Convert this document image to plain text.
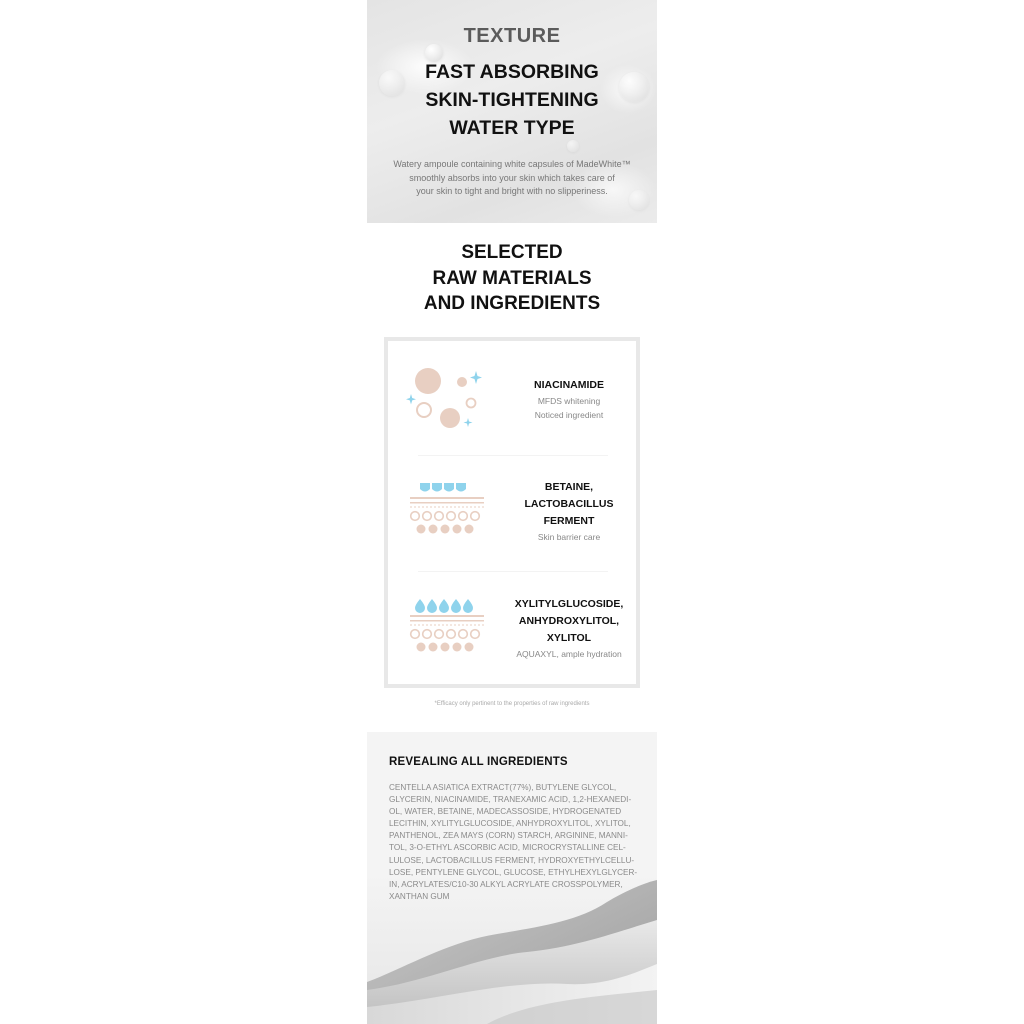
TEXTURE
FAST ABSORBING
SKIN-TIGHTENING
WATER TYPE
Watery ampoule containing white capsules of MadeWhite™
smoothly absorbs into your skin which takes care of
your skin to tight and bright with no slipperiness.
SELECTED
RAW MATERIALS
AND INGREDIENTS
NIACINAMIDE
MFDS whitening
Noticed ingredient
BETAINE,
LACTOBACILLUS
FERMENT
Skin barrier care
XYLITYLGLUCOSIDE,
ANHYDROXYLITOL,
XYLITOL
AQUAXYL, ample hydration
*Efficacy only pertinent to the properties of raw ingredients
REVEALING ALL INGREDIENTS
CENTELLA ASIATICA EXTRACT(77%), BUTYLENE GLYCOL,
GLYCERIN, NIACINAMIDE, TRANEXAMIC ACID, 1,2-HEXANEDI-
OL, WATER, BETAINE, MADECASSOSIDE, HYDROGENATED
LECITHIN, XYLITYLGLUCOSIDE, ANHYDROXYLITOL, XYLITOL,
PANTHENOL, ZEA MAYS (CORN) STARCH, ARGININE, MANNI-
TOL, 3-O-ETHYL ASCORBIC ACID, MICROCRYSTALLINE CEL-
LULOSE, LACTOBACILLUS FERMENT, HYDROXYETHYLCELLU-
LOSE, PENTYLENE GLYCOL, GLUCOSE, ETHYLHEXYLGLYCER-
IN, ACRYLATES/C10-30 ALKYL ACRYLATE CROSSPOLYMER,
XANTHAN GUM
